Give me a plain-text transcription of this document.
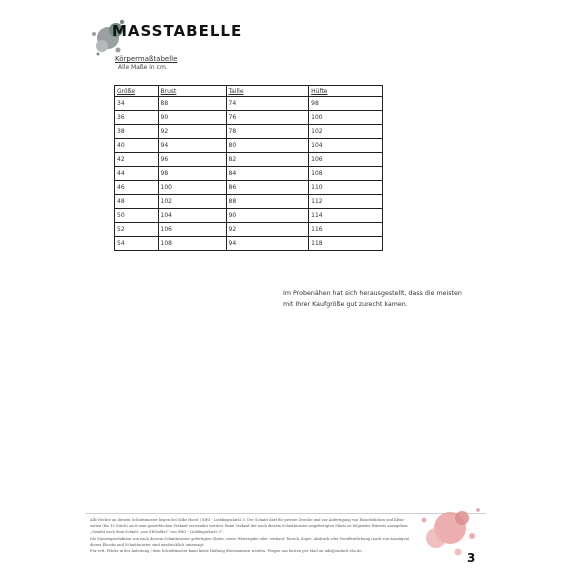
MASSTABELLE
Körpermaßtabelle
Alle Maße in cm.
Größe	Brust	Taille	Hüfte
34	88	74	98
36	90	76	100
38	92	78	102
40	94	80	104
42	96	82	106
44	98	84	108
46	100	86	110
48	102	88	112
50	104	90	114
52	106	92	116
54	108	94	118
Im Probenähen hat sich herausgestellt, dass die meisten mit Ihrer Kaufgröße gut zurecht kamen.
Alle Rechte an diesem Schnittmuster liegen bei Silke Hoerl | SHO - Lieblingsshirt2.0. Der Schnitt darf für private Zwecke und zur Anfertigung von Einzelstücken und Klein-
serien (bis 10 Stück) auch zum gewerblichen Verkauf verwendet werden. Beim Verkauf der nach diesem Schnittmuster angefertigten Shirts ist folgender Hinweis anzugeben:
„Genäht nach dem Schnitt „one SHOulder“ von SHO - Lieblingsshirt2.0“.
Die Massenproduktion von nach diesem Schnittmuster gefertigten Shirts, sowie Weitergabe oder -verkauf, Tausch, Kopie, Abdruck oder Veröffentlichung (auch von Auszügen)
dieses Ebooks und Schnittmuster sind ausdrücklich untersagt.
Für evtl. Fehler in der Anleitung / dem Schnittmuster kann keine Haftung übernommen werden. Fragen aus besten per Mail an info@einfach-sho.de.	3
